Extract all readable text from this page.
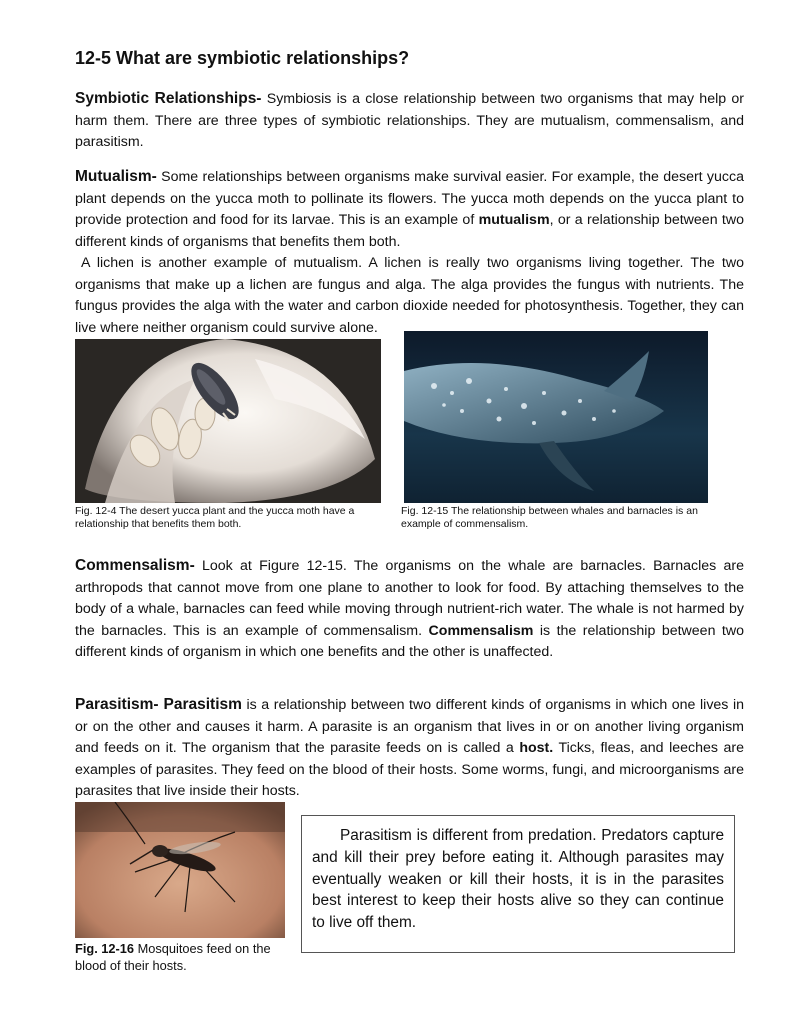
12-5 What are symbiotic relationships?

Symbiotic Relationships- Symbiosis is a close relationship between two organisms that may help or harm them. There are three types of symbiotic relationships. They are mutualism, commensalism, and parasitism.

Mutualism- Some relationships between organisms make survival easier. For example, the desert yucca plant depends on the yucca moth to pollinate its flowers. The yucca moth depends on the yucca plant to provide protection and food for its larvae. This is an example of mutualism, or a relationship between two different kinds of organisms that benefits them both.
A lichen is another example of mutualism. A lichen is really two organisms living together. The two organisms that make up a lichen are fungus and alga. The alga provides the fungus with nutrients. The fungus provides the alga with the water and carbon dioxide needed for photosynthesis. Together, they can live where neither organism could survive alone.

Fig. 12-4 The desert yucca plant and the yucca moth have a relationship that benefits them both.
Fig. 12-15 The relationship between whales and barnacles is an example of commensalism.

Commensalism- Look at Figure 12-15. The organisms on the whale are barnacles. Barnacles are arthropods that cannot move from one plane to another to look for food. By attaching themselves to the body of a whale, barnacles can feed while moving through nutrient-rich water. The whale is not harmed by the barnacles. This is an example of commensalism. Commensalism is the relationship between two different kinds of organism in which one benefits and the other is unaffected.

Parasitism- Parasitism is a relationship between two different kinds of organisms in which one lives in or on the other and causes it harm. A parasite is an organism that lives in or on another living organism and feeds on it. The organism that the parasite feeds on is called a host. Ticks, fleas, and leeches are examples of parasites. They feed on the blood of their hosts. Some worms, fungi, and microorganisms are parasites that live inside their hosts.

Fig. 12-16 Mosquitoes feed on the blood of their hosts.
Parasitism is different from predation. Predators capture and kill their prey before eating it. Although parasites may eventually weaken or kill their hosts, it is in the parasites best interest to keep their hosts alive so they can continue to live off them.
